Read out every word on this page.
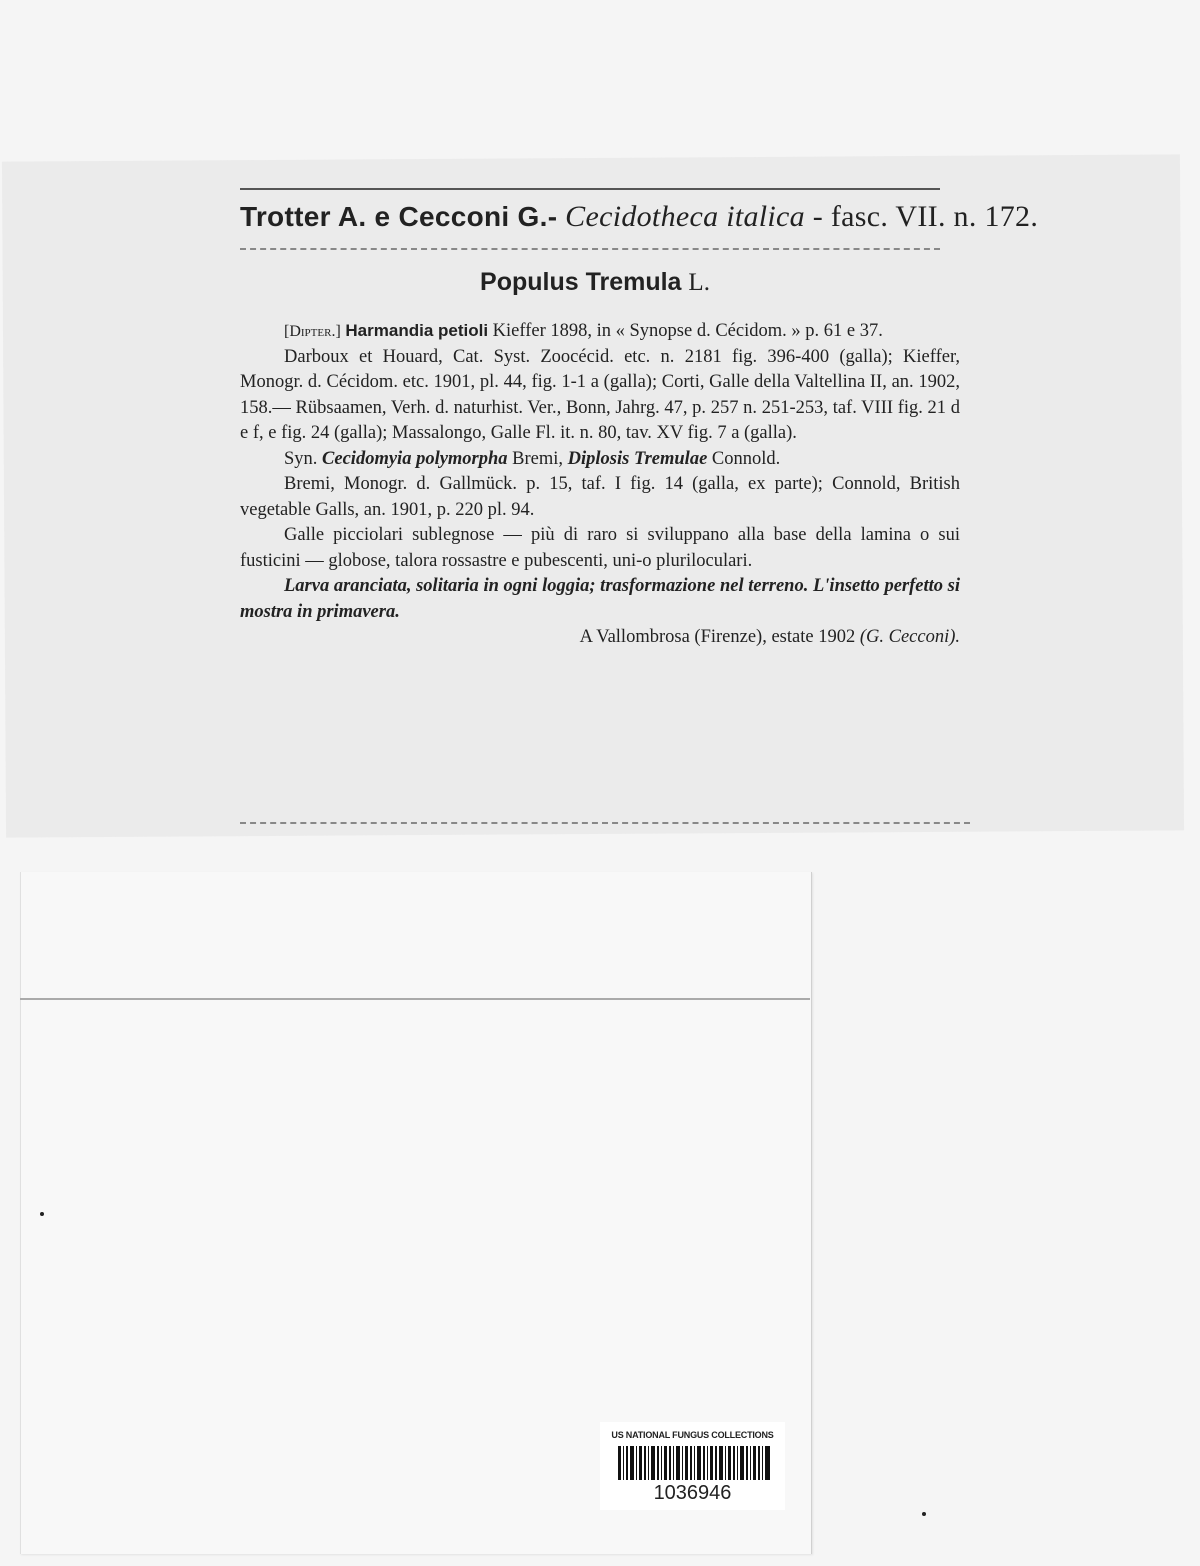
Trotter A. e Cecconi G.- Cecidotheca italica - fasc. VII. n. 172.
Populus Tremula L.

[Dipter.] Harmandia petioli Kieffer 1898, in « Synopse d. Cécidom. » p. 61 e 37.

Darboux et Houard, Cat. Syst. Zoocécid. etc. n. 2181 fig. 396-400 (galla); Kieffer, Monogr. d. Cécidom. etc. 1901, pl. 44, fig. 1-1 a (galla); Corti, Galle della Valtellina II, an. 1902, 158.— Rübsaamen, Verh. d. naturhist. Ver., Bonn, Jahrg. 47, p. 257 n. 251-253, taf. VIII fig. 21 d e f, e fig. 24 (galla); Massalongo, Galle Fl. it. n. 80, tav. XV fig. 7 a (galla).

Syn. Cecidomyia polymorpha Bremi, Diplosis Tremulae Connold.

Bremi, Monogr. d. Gallmück. p. 15, taf. I fig. 14 (galla, ex parte); Connold, British vegetable Galls, an. 1901, p. 220 pl. 94.

Galle picciolari sublegnose — più di raro si sviluppano alla base della lamina o sui fusticini — globose, talora rossastre e pubescenti, uni-o pluriloculari.

Larva aranciata, solitaria in ogni loggia; trasformazione nel terreno. L'insetto perfetto si mostra in primavera.

A Vallombrosa (Firenze), estate 1902 (G. Cecconi).

US NATIONAL FUNGUS COLLECTIONS
1036946
